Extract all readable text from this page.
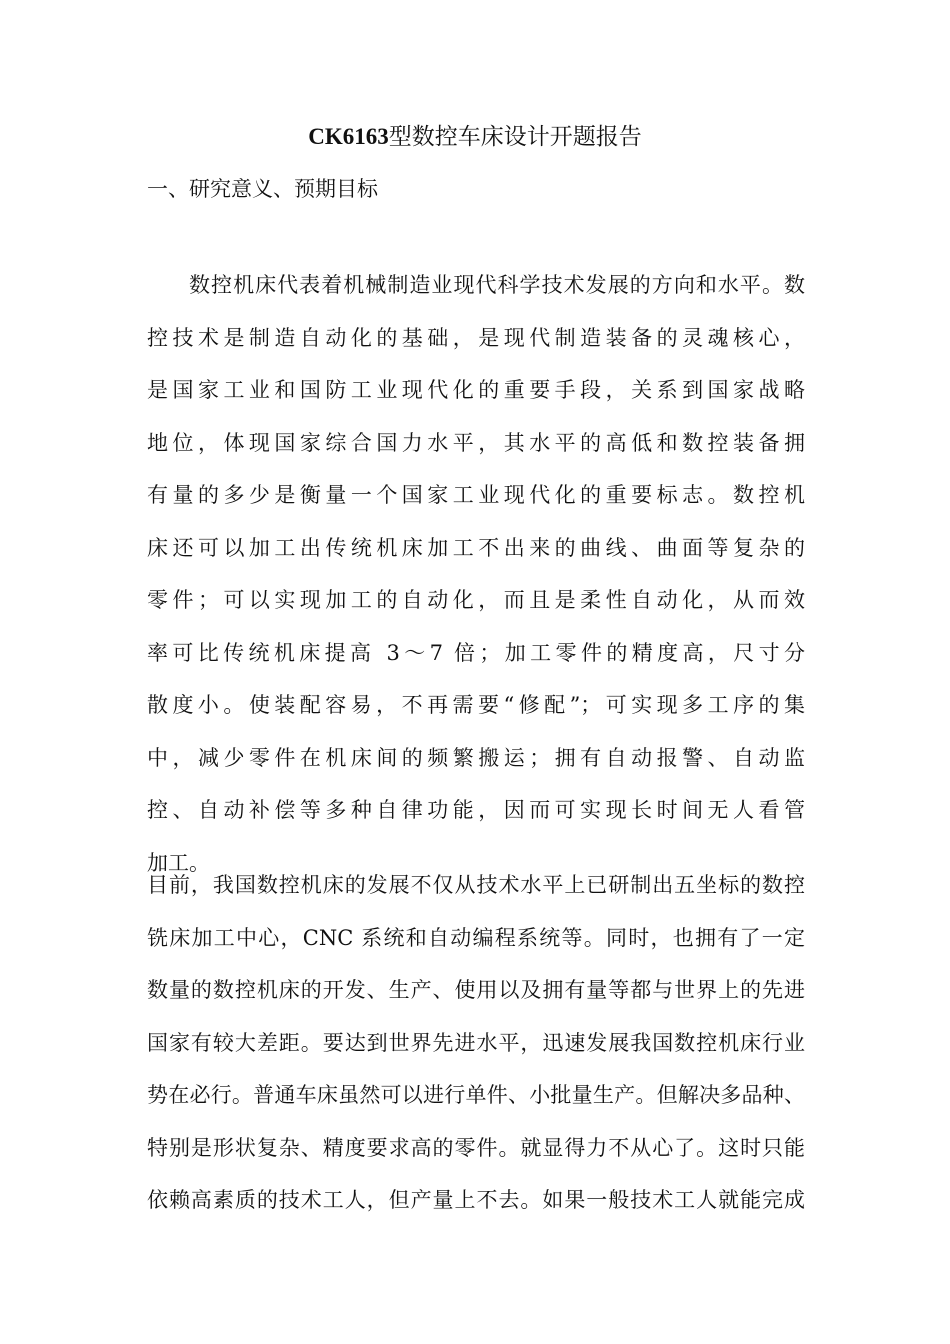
CK6163型数控车床设计开题报告
一、研究意义、预期目标
数控机床代表着机械制造业现代科学技术发展的方向和水平。数
控技术是制造自动化的基础，是现代制造装备的灵魂核心，
是国家工业和国防工业现代化的重要手段，关系到国家战略
地位，体现国家综合国力水平，其水平的高低和数控装备拥
有量的多少是衡量一个国家工业现代化的重要标志。数控机
床还可以加工出传统机床加工不出来的曲线、曲面等复杂的
零件；可以实现加工的自动化，而且是柔性自动化，从而效
率可比传统机床提高 3～7 倍；加工零件的精度高，尺寸分
散度小。使装配容易，不再需要“修配”；可实现多工序的集
中，减少零件在机床间的频繁搬运；拥有自动报警、自动监
控、自动补偿等多种自律功能，因而可实现长时间无人看管
加工。
目前，我国数控机床的发展不仅从技术水平上已研制出五坐标的数控
铣床加工中心，CNC 系统和自动编程系统等。同时，也拥有了一定
数量的数控机床的开发、生产、使用以及拥有量等都与世界上的先进
国家有较大差距。要达到世界先进水平，迅速发展我国数控机床行业
势在必行。普通车床虽然可以进行单件、小批量生产。但解决多品种、
特别是形状复杂、精度要求高的零件。就显得力不从心了。这时只能
依赖高素质的技术工人，但产量上不去。如果一般技术工人就能完成
